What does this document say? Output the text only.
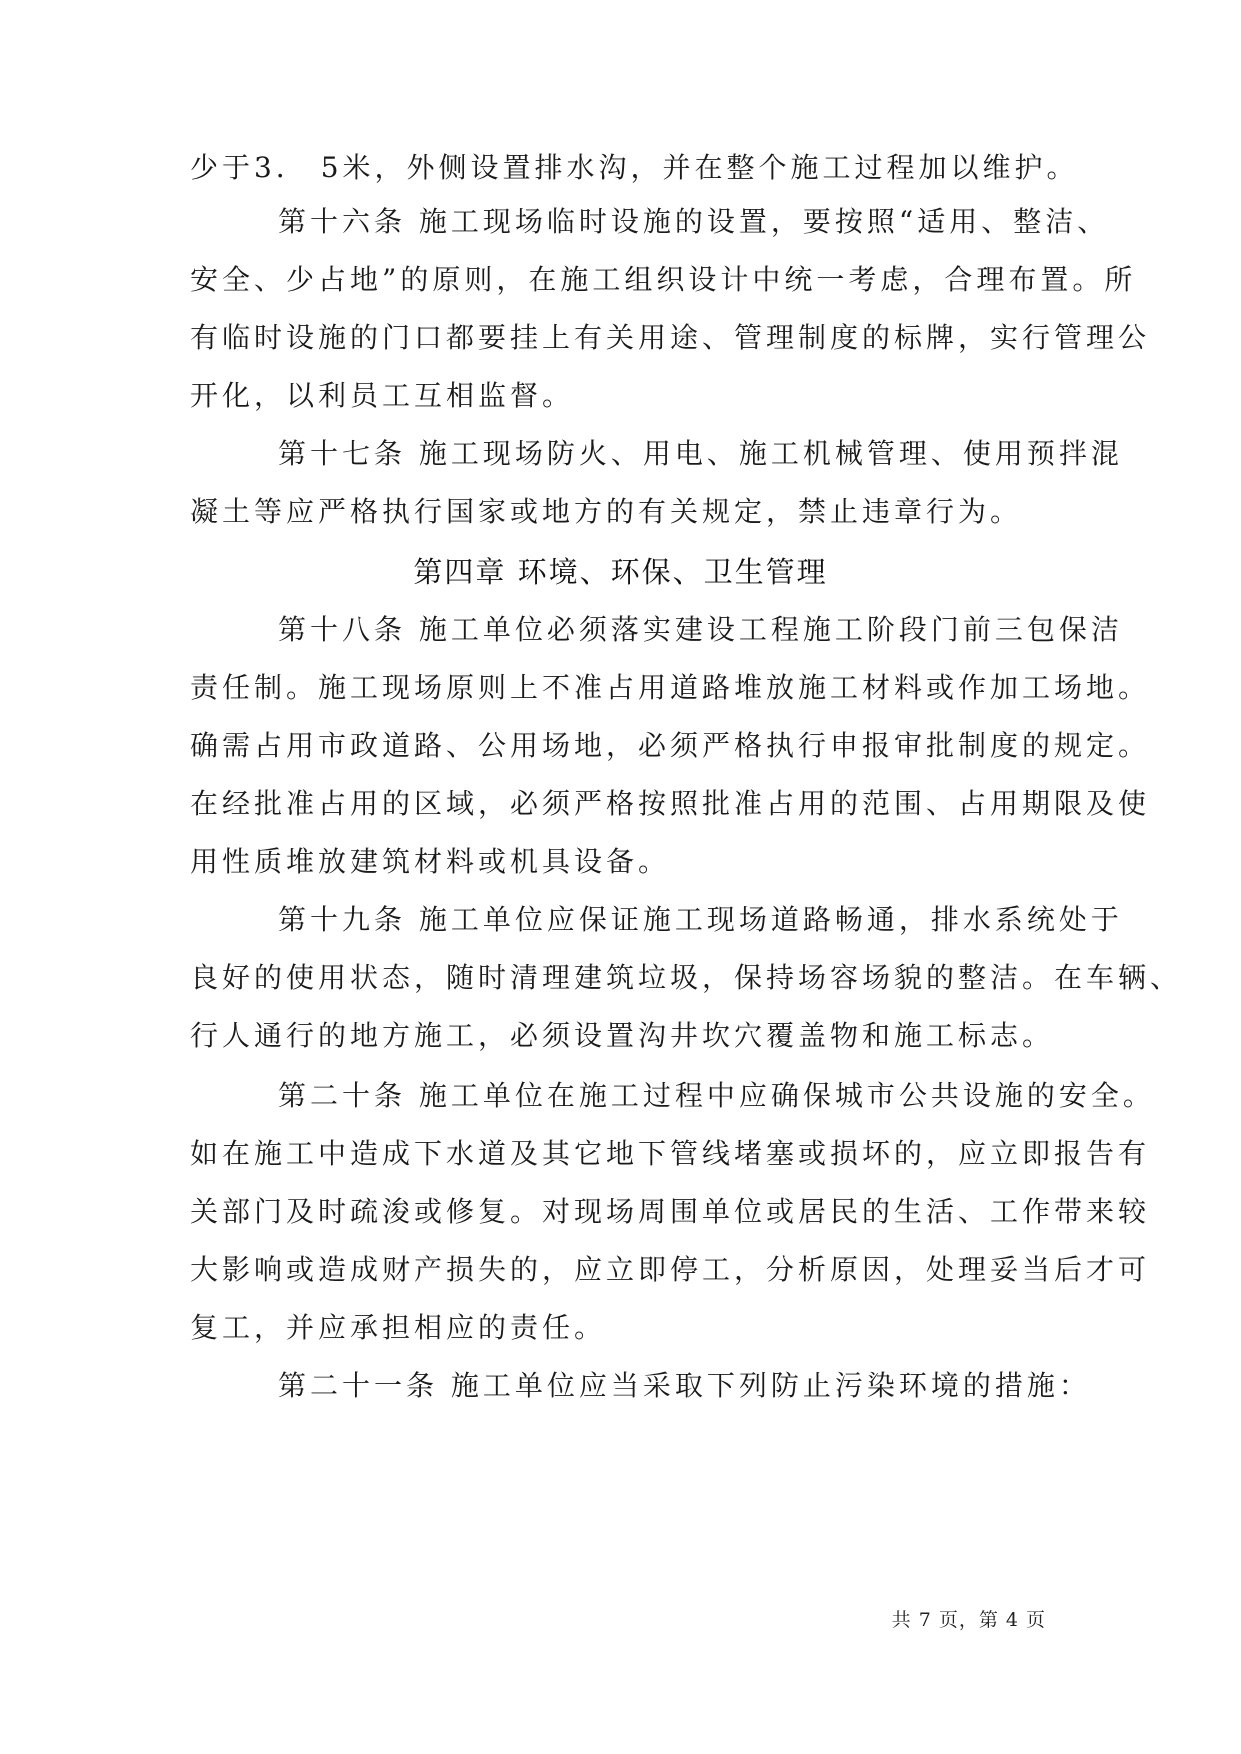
少于3． 5米，外侧设置排水沟，并在整个施工过程加以维护。
第十六条 施工现场临时设施的设置，要按照“适用、整洁、
安全、少占地”的原则，在施工组织设计中统一考虑，合理布置。所
有临时设施的门口都要挂上有关用途、管理制度的标牌，实行管理公
开化，以利员工互相监督。
第十七条 施工现场防火、用电、施工机械管理、使用预拌混
凝土等应严格执行国家或地方的有关规定，禁止违章行为。
第四章 环境、环保、卫生管理
第十八条 施工单位必须落实建设工程施工阶段门前三包保洁
责任制。施工现场原则上不准占用道路堆放施工材料或作加工场地。
确需占用市政道路、公用场地，必须严格执行申报审批制度的规定。
在经批准占用的区域，必须严格按照批准占用的范围、占用期限及使
用性质堆放建筑材料或机具设备。
第十九条 施工单位应保证施工现场道路畅通，排水系统处于
良好的使用状态，随时清理建筑垃圾，保持场容场貌的整洁。在车辆、
行人通行的地方施工，必须设置沟井坎穴覆盖物和施工标志。
第二十条 施工单位在施工过程中应确保城市公共设施的安全。
如在施工中造成下水道及其它地下管线堵塞或损坏的，应立即报告有
关部门及时疏浚或修复。对现场周围单位或居民的生活、工作带来较
大影响或造成财产损失的，应立即停工，分析原因，处理妥当后才可
复工，并应承担相应的责任。
第二十一条 施工单位应当采取下列防止污染环境的措施：
共 7 页，第 4 页
